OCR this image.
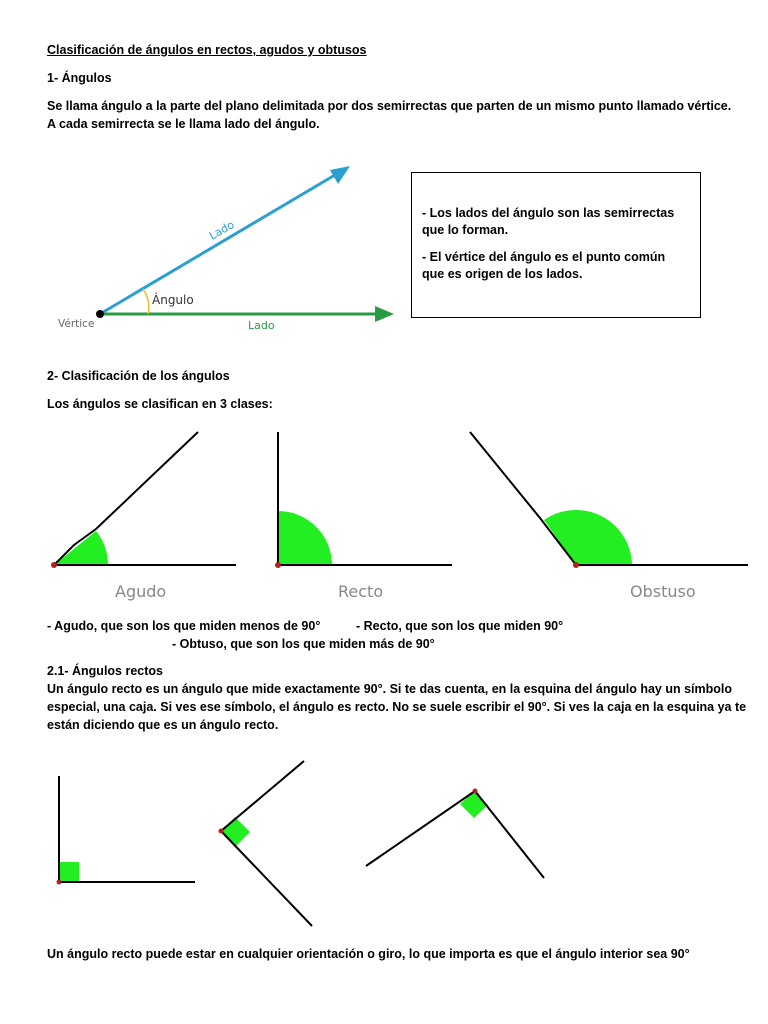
Clasificación de ángulos en rectos, agudos y obtusos
1- Ángulos
Se llama ángulo a la parte del plano delimitada por dos semirrectas que parten de un mismo punto llamado vértice.
A cada semirrecta se le llama lado del ángulo.
Lado
Lado
Ángulo
Vértice
Agudo	Recto	Obstuso

- Los lados del ángulo son las semirrectas que lo forman.

- El vértice del ángulo es el punto común que es origen de los lados.

2- Clasificación de los ángulos
Los ángulos se clasifican en 3 clases:
- Agudo, que son los que miden menos de 90°	- Recto, que son los que miden 90°
- Obtuso, que son los que miden más de 90°
2.1- Ángulos rectos
Un ángulo recto es un ángulo que mide exactamente 90°. Si te das cuenta, en la esquina del ángulo hay un símbolo
especial, una caja. Si ves ese símbolo, el ángulo es recto. No se suele escribir el 90°. Si ves la caja en la esquina ya te
están diciendo que es un ángulo recto.
Un ángulo recto puede estar en cualquier orientación o giro, lo que importa es que el ángulo interior sea 90°
